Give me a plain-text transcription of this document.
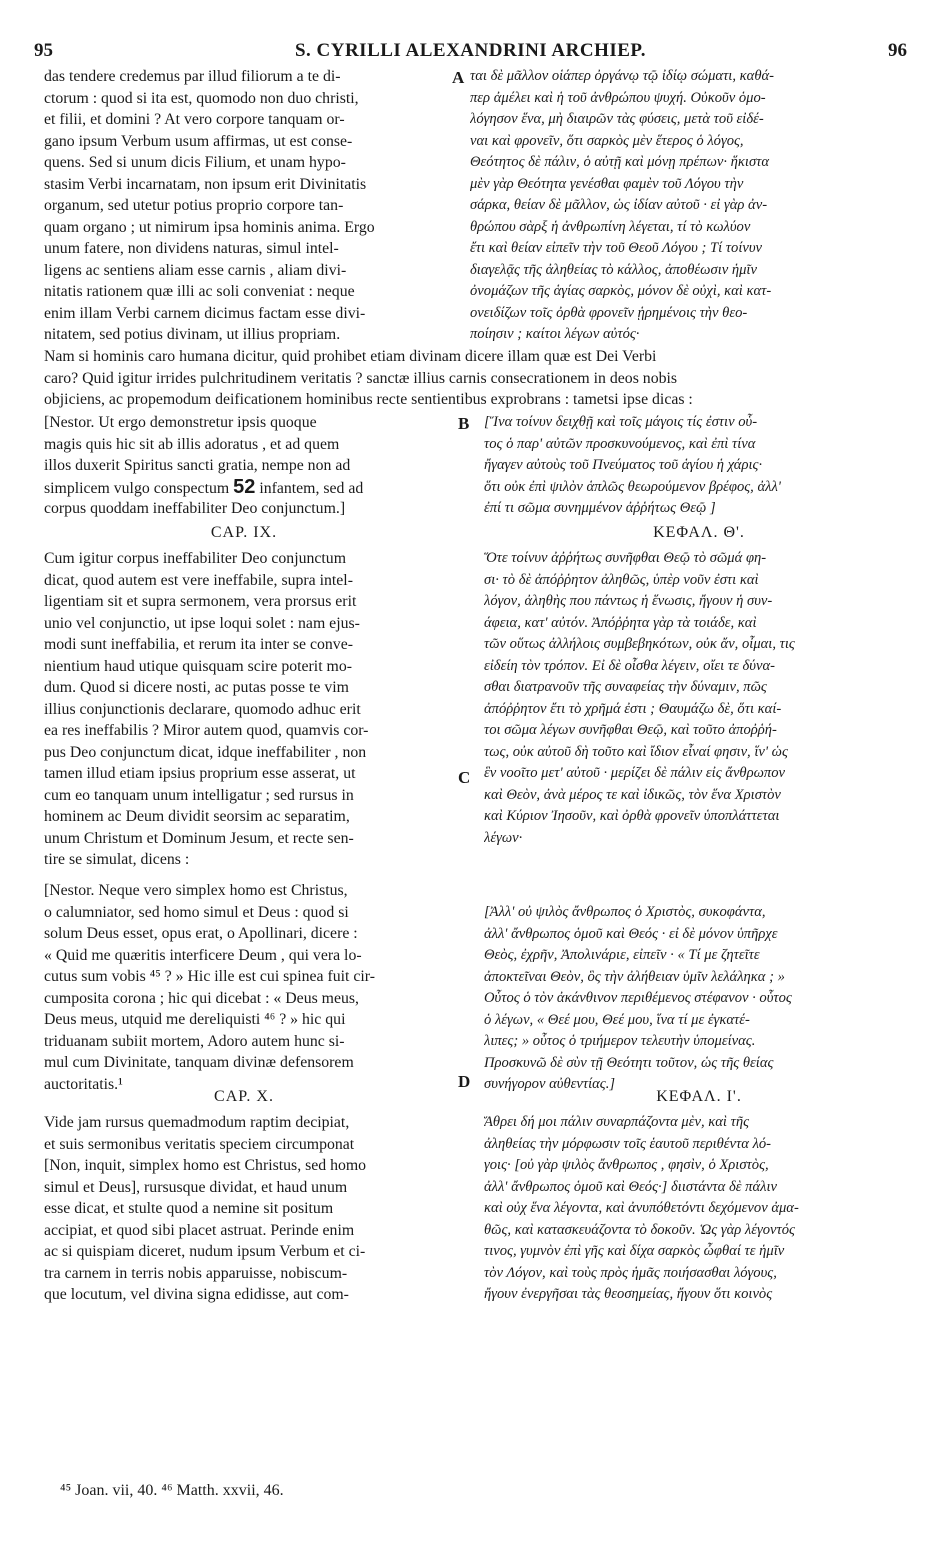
95	S. CYRILLI ALEXANDRINI ARCHIEP.	96
das tendere credemus par illud filiorum a te di-
ctorum : quod si ita est, quomodo non duo christi,
et filii, et domini ? At vero corpore tanquam or-
gano ipsum Verbum usum affirmas, ut est conse-
quens. Sed si unum dicis Filium, et unam hypo-
stasim Verbi incarnatam, non ipsum erit Divinitatis
organum, sed utetur potius proprio corpore tan-
quam organo ; ut nimirum ipsa hominis anima. Ergo
unum fatere, non dividens naturas, simul intel-
ligens ac sentiens aliam esse carnis , aliam divi-
nitatis rationem quæ illi ac soli conveniat : neque
enim illam Verbi carnem dicimus factam esse divi-
nitatem, sed potius divinam, ut illius propriam.
ται δὲ μᾶλλον οἱάπερ ὀργάνῳ τῷ ἰδίῳ σώματι, καθά-
περ ἀμέλει καὶ ἡ τοῦ ἀνθρώπου ψυχή. Οὐκοῦν ὁμο-
λόγησον ἕνα, μὴ διαιρῶν τὰς φύσεις, μετὰ τοῦ εἰδέ-
ναι καὶ φρονεῖν, ὅτι σαρκὸς μὲν ἕτερος ὁ λόγος,
Θεότητος δὲ πάλιν, ὁ αὐτῇ καὶ μόνῃ πρέπων· ἥκιστα
μὲν γὰρ Θεότητα γενέσθαι φαμὲν τοῦ Λόγου τὴν
σάρκα, θείαν δὲ μᾶλλον, ὡς ἰδίαν αὐτοῦ · εἰ γὰρ ἀν-
θρώπου σὰρξ ἡ ἀνθρωπίνη λέγεται, τί τὸ κωλύον
ἔτι καὶ θείαν εἰπεῖν τὴν τοῦ Θεοῦ Λόγου ; Τί τοίνυν
διαγελᾷς τῆς ἀληθείας τὸ κάλλος, ἀποθέωσιν ἡμῖν
ὀνομάζων τῆς ἁγίας σαρκὸς, μόνον δὲ οὐχὶ, καὶ κατ-
ονειδίζων τοῖς ὀρθὰ φρονεῖν ᾑρημένοις τὴν θεο-
ποίησιν ; καίτοι λέγων αὐτός·
A
Nam si hominis caro humana dicitur, quid prohibet etiam divinam dicere illam quæ est Dei Verbi
caro? Quid igitur irrides pulchritudinem veritatis ? sanctæ illius carnis consecrationem in deos nobis
objiciens, ac propemodum deificationem hominibus recte sentientibus exprobrans : tametsi ipse dicas :
[Nestor. Ut ergo demonstretur ipsis quoque
magis quis hic sit ab illis adoratus , et ad quem
illos duxerit Spiritus sancti gratia, nempe non ad
simplicem vulgo conspectum 52 infantem, sed ad
corpus quoddam ineffabiliter Deo conjunctum.]
B [Ἵνα τοίνυν δειχθῇ καὶ τοῖς μάγοις τίς ἐστιν οὗ-
τος ὁ παρ' αὐτῶν προσκυνούμενος, καὶ ἐπὶ τίνα
ἤγαγεν αὐτοὺς τοῦ Πνεύματος τοῦ ἁγίου ἡ χάρις·
ὅτι οὐκ ἐπὶ ψιλὸν ἁπλῶς θεωρούμενον βρέφος, ἀλλ'
ἐπί τι σῶμα συνημμένον ἀῤῥήτως Θεῷ ]
CAP. IX.	ΚΕΦΑΛ. Θ'.
Cum igitur corpus ineffabiliter Deo conjunctum
dicat, quod autem est vere ineffabile, supra intel-
ligentiam sit et supra sermonem, vera prorsus erit
unio vel conjunctio, ut ipse loqui solet : nam ejus-
modi sunt ineffabilia, et rerum ita inter se conve-
nientium haud utique quisquam scire poterit mo-
dum. Quod si dicere nosti, ac putas posse te vim
illius conjunctionis declarare, quomodo adhuc erit
ea res ineffabilis ? Miror autem quod, quamvis cor-
pus Deo conjunctum dicat, idque ineffabiliter , non
tamen illud etiam ipsius proprium esse asserat, ut
cum eo tanquam unum intelligatur ; sed rursus in
hominem ac Deum dividit seorsim ac separatim,
unum Christum et Dominum Jesum, et recte sen-
tire se simulat, dicens :
C
Ὅτε τοίνυν ἀῤῥήτως συνῆφθαι Θεῷ τὸ σῶμά φη-
σι· τὸ δὲ ἀπόῤῥητον ἀληθῶς, ὑπὲρ νοῦν ἐστι καὶ
λόγον, ἀληθὴς που πάντως ἡ ἕνωσις, ἤγουν ἡ συν-
άφεια, κατ' αὐτόν. Ἀπόῤῥητα γὰρ τὰ τοιάδε, καὶ
τῶν οὕτως ἀλλήλοις συμβεβηκότων, οὐκ ἄν, οἶμαι, τις
εἰδείη τὸν τρόπον. Εἰ δὲ οἶσθα λέγειν, οἴει τε δύνα-
σθαι διατρανοῦν τῆς συναφείας τὴν δύναμιν, πῶς
ἀπόῤῥητον ἔτι τὸ χρῆμά ἐστι ; Θαυμάζω δὲ, ὅτι καί-
τοι σῶμα λέγων συνῆφθαι Θεῷ, καὶ τοῦτο ἀποῤῥή-
τως, οὐκ αὐτοῦ δὴ τοῦτο καὶ ἴδιον εἶναί φησιν, ἵν' ὡς
ἓν νοοῖτο μετ' αὐτοῦ · μερίζει δὲ πάλιν εἰς ἄνθρωπον
καὶ Θεὸν, ἀνὰ μέρος τε καὶ ἰδικῶς, τὸν ἕνα Χριστὸν
καὶ Κύριον Ἰησοῦν, καὶ ὀρθὰ φρονεῖν ὑποπλάττεται
λέγων·
[Nestor. Neque vero simplex homo est Christus,
o calumniator, sed homo simul et Deus : quod si
solum Deus esset, opus erat, o Apollinari, dicere :
« Quid me quæritis interficere Deum , qui vera lo-
cutus sum vobis ⁴⁵ ? » Hic ille est cui spinea fuit cir-
cumposita corona ; hic qui dicebat : « Deus meus,
Deus meus, utquid me dereliquisti ⁴⁶ ? » hic qui
triduanam subiit mortem, Adoro autem hunc si-
mul cum Divinitate, tanquam divinæ defensorem
auctoritatis.¹
[Ἀλλ' οὐ ψιλὸς ἄνθρωπος ὁ Χριστὸς, συκοφάντα,
ἀλλ' ἄνθρωπος ὁμοῦ καὶ Θεός · εἰ δὲ μόνον ὑπῆρχε
Θεὸς, ἐχρῆν, Ἀπολινάριε, εἰπεῖν · « Τί με ζητεῖτε
ἀποκτεῖναι Θεὸν, ὃς τὴν ἀλήθειαν ὑμῖν λελάληκα ; »
Οὗτος ὁ τὸν ἀκάνθινον περιθέμενος στέφανον · οὗτος
ὁ λέγων, « Θεέ μου, Θεέ μου, ἵνα τί με ἐγκατέ-
λιπες; » οὗτος ὁ τριήμερον τελευτὴν ὑπομείνας.
Προσκυνῶ δὲ σὺν τῇ Θεότητι τοῦτον, ὡς τῆς θείας
συνήγορον αὐθεντίας.]
D
CAP. X.	ΚΕΦΑΛ. Ι'.
Vide jam rursus quemadmodum raptim decipiat,
et suis sermonibus veritatis speciem circumponat
[Non, inquit, simplex homo est Christus, sed homo
simul et Deus], rursusque dividat, et haud unum
esse dicat, et stulte quod a nemine sit positum
accipiat, et quod sibi placet astruat. Perinde enim
ac si quispiam diceret, nudum ipsum Verbum et ci-
tra carnem in terris nobis apparuisse, nobiscum-
que locutum, vel divina signa edidisse, aut com-
Ἄθρει δή μοι πάλιν συναρπάζοντα μὲν, καὶ τῆς
ἀληθείας τὴν μόρφωσιν τοῖς ἑαυτοῦ περιθέντα λό-
γοις· [οὐ γὰρ ψιλὸς ἄνθρωπος , φησὶν, ὁ Χριστὸς,
ἀλλ' ἄνθρωπος ὁμοῦ καὶ Θεός·] διιστάντα δὲ πάλιν
καὶ οὐχ ἕνα λέγοντα, καὶ ἀνυπόθετόντι δεχόμενον ἀμα-
θῶς, καὶ κατασκευάζοντα τὸ δοκοῦν. Ὡς γὰρ λέγοντός
τινος, γυμνὸν ἐπὶ γῆς καὶ δίχα σαρκὸς ὦφθαί τε ἡμῖν
τὸν Λόγον, καὶ τοὺς πρὸς ἡμᾶς ποιήσασθαι λόγους,
ἤγουν ἐνεργῆσαι τὰς θεοσημείας, ἤγουν ὅτι κοινὸς
⁴⁵ Joan. vii, 40. ⁴⁶ Matth. xxvii, 46.
